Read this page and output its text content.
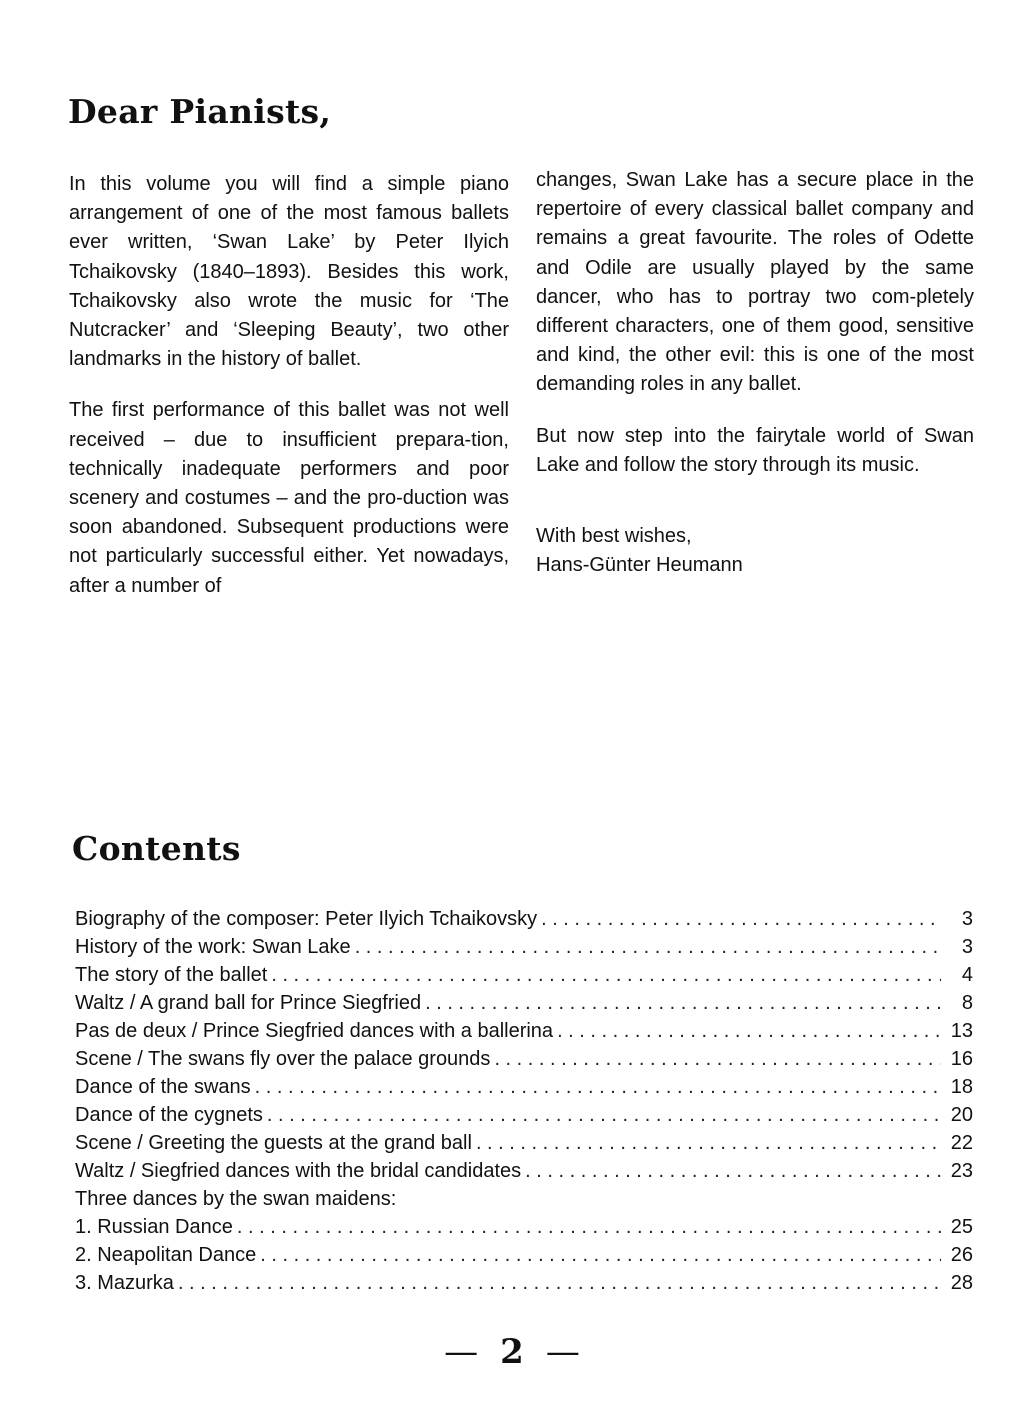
Dear Pianists,

In this volume you will find a simple piano arrangement of one of the most famous ballets ever written, ‘Swan Lake’ by Peter Ilyich Tchaikovsky (1840–1893). Besides this work, Tchaikovsky also wrote the music for ‘The Nutcracker’ and ‘Sleeping Beauty’, two other landmarks in the history of ballet.

The first performance of this ballet was not well received – due to insufficient prepara-tion, technically inadequate performers and poor scenery and costumes – and the pro-duction was soon abandoned. Subsequent productions were not particularly successful either. Yet nowadays, after a number of

changes, Swan Lake has a secure place in the repertoire of every classical ballet company and remains a great favourite. The roles of Odette and Odile are usually played by the same dancer, who has to portray two com-pletely different characters, one of them good, sensitive and kind, the other evil: this is one of the most demanding roles in any ballet.

But now step into the fairytale world of Swan Lake and follow the story through its music.

With best wishes,
Hans-Günter Heumann

Contents
Biography of the composer: Peter Ilyich Tchaikovsky . . .	3
History of the work: Swan Lake . . .	3
The story of the ballet . . .	4
Waltz / A grand ball for Prince Siegfried . . .	8
Pas de deux / Prince Siegfried dances with a ballerina . . .	13
Scene / The swans fly over the palace grounds . . .	16
Dance of the swans . . .	18
Dance of the cygnets . . .	20
Scene / Greeting the guests at the grand ball . . .	22
Waltz / Siegfried dances with the bridal candidates . . .	23
Three dances by the swan maidens:
1. Russian Dance . . .	25
2. Neapolitan Dance . . .	26
3. Mazurka . . .	28
— 2 —
